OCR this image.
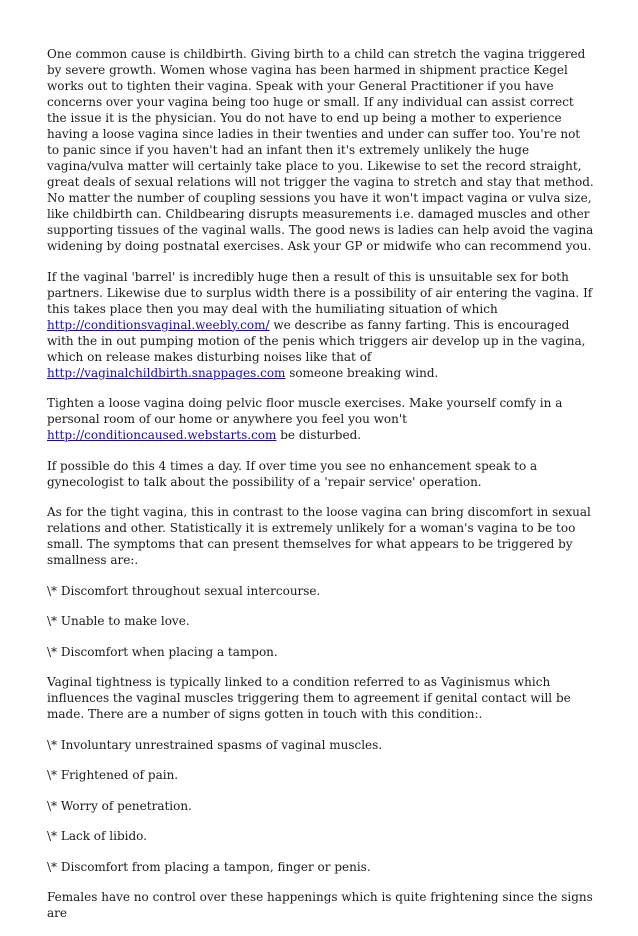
One common cause is childbirth. Giving birth to a child can stretch the vagina triggered by severe growth. Women whose vagina has been harmed in shipment practice Kegel works out to tighten their vagina. Speak with your General Practitioner if you have concerns over your vagina being too huge or small. If any individual can assist correct the issue it is the physician. You do not have to end up being a mother to experience having a loose vagina since ladies in their twenties and under can suffer too. You're not to panic since if you haven't had an infant then it's extremely unlikely the huge vagina/vulva matter will certainly take place to you. Likewise to set the record straight, great deals of sexual relations will not trigger the vagina to stretch and stay that method. No matter the number of coupling sessions you have it won't impact vagina or vulva size, like childbirth can. Childbearing disrupts measurements i.e. damaged muscles and other supporting tissues of the vaginal walls. The good news is ladies can help avoid the vagina widening by doing postnatal exercises. Ask your GP or midwife who can recommend you.

If the vaginal 'barrel' is incredibly huge then a result of this is unsuitable sex for both partners. Likewise due to surplus width there is a possibility of air entering the vagina. If this takes place then you may deal with the humiliating situation of which http://conditionsvaginal.weebly.com/ we describe as fanny farting. This is encouraged with the in out pumping motion of the penis which triggers air develop up in the vagina, which on release makes disturbing noises like that of http://vaginalchildbirth.snappages.com someone breaking wind.

Tighten a loose vagina doing pelvic floor muscle exercises. Make yourself comfy in a personal room of our home or anywhere you feel you won't http://conditioncaused.webstarts.com be disturbed.

If possible do this 4 times a day. If over time you see no enhancement speak to a gynecologist to talk about the possibility of a 'repair service' operation.

As for the tight vagina, this in contrast to the loose vagina can bring discomfort in sexual relations and other. Statistically it is extremely unlikely for a woman's vagina to be too small. The symptoms that can present themselves for what appears to be triggered by smallness are:.

\* Discomfort throughout sexual intercourse.

\* Unable to make love.

\* Discomfort when placing a tampon.

Vaginal tightness is typically linked to a condition referred to as Vaginismus which influences the vaginal muscles triggering them to agreement if genital contact will be made. There are a number of signs gotten in touch with this condition:.

\* Involuntary unrestrained spasms of vaginal muscles.

\* Frightened of pain.

\* Worry of penetration.

\* Lack of libido.

\* Discomfort from placing a tampon, finger or penis.

Females have no control over these happenings which is quite frightening since the signs are
